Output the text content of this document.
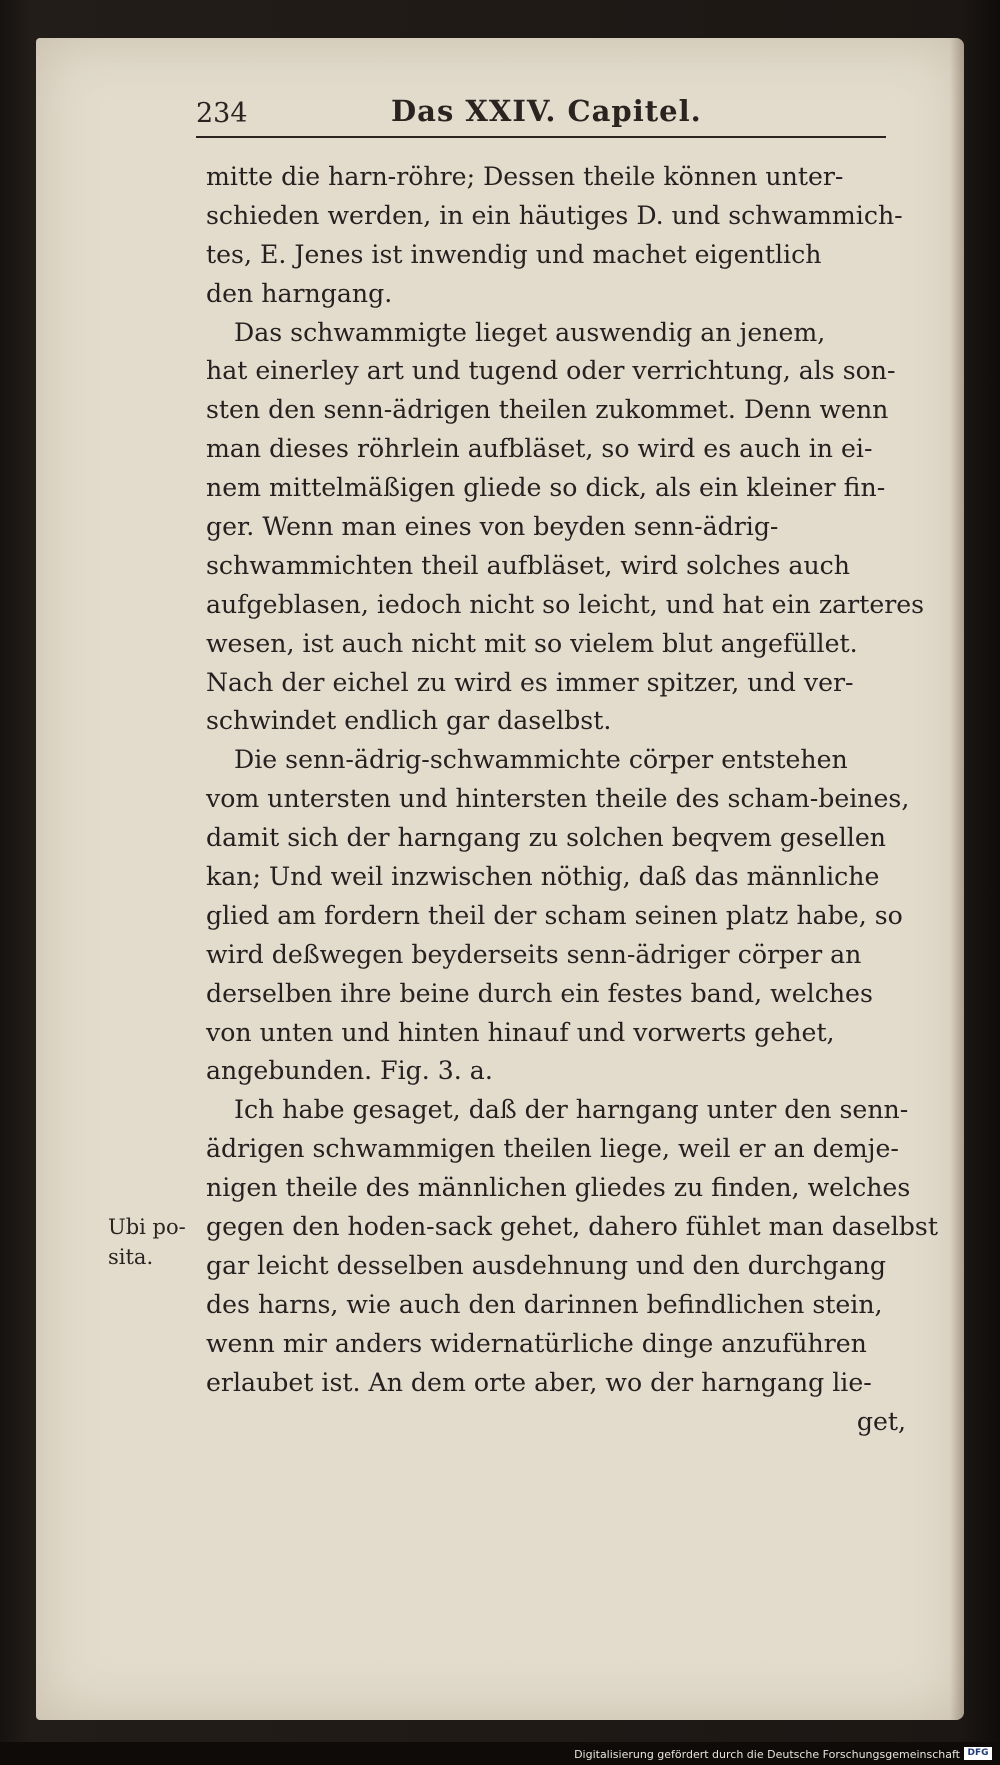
234	Das XXIV. Capitel.
Ubi po-
sita.
mitte die harn-röhre; Dessen theile können unter-
schieden werden, in ein häutiges D. und schwammich-
tes, E. Jenes ist inwendig und machet eigentlich
den harngang.
Das schwammigte lieget auswendig an jenem,
hat einerley art und tugend oder verrichtung, als son-
sten den senn-ädrigen theilen zukommet. Denn wenn
man dieses röhrlein aufbläset, so wird es auch in ei-
nem mittelmäßigen gliede so dick, als ein kleiner fin-
ger. Wenn man eines von beyden senn-ädrig-
schwammichten theil aufbläset, wird solches auch
aufgeblasen, iedoch nicht so leicht, und hat ein zarteres
wesen, ist auch nicht mit so vielem blut angefüllet.
Nach der eichel zu wird es immer spitzer, und ver-
schwindet endlich gar daselbst.
Die senn-ädrig-schwammichte cörper entstehen
vom untersten und hintersten theile des scham-beines,
damit sich der harngang zu solchen beqvem gesellen
kan; Und weil inzwischen nöthig, daß das männliche
glied am fordern theil der scham seinen platz habe, so
wird deßwegen beyderseits senn-ädriger cörper an
derselben ihre beine durch ein festes band, welches
von unten und hinten hinauf und vorwerts gehet,
angebunden. Fig. 3. a.
Ich habe gesaget, daß der harngang unter den senn-
ädrigen schwammigen theilen liege, weil er an demje-
nigen theile des männlichen gliedes zu finden, welches
gegen den hoden-sack gehet, dahero fühlet man daselbst
gar leicht desselben ausdehnung und den durchgang
des harns, wie auch den darinnen befindlichen stein,
wenn mir anders widernatürliche dinge anzuführen
erlaubet ist. An dem orte aber, wo der harngang lie-
get,
Digitalisierung gefördert durch die Deutsche Forschungsgemeinschaft DFG
